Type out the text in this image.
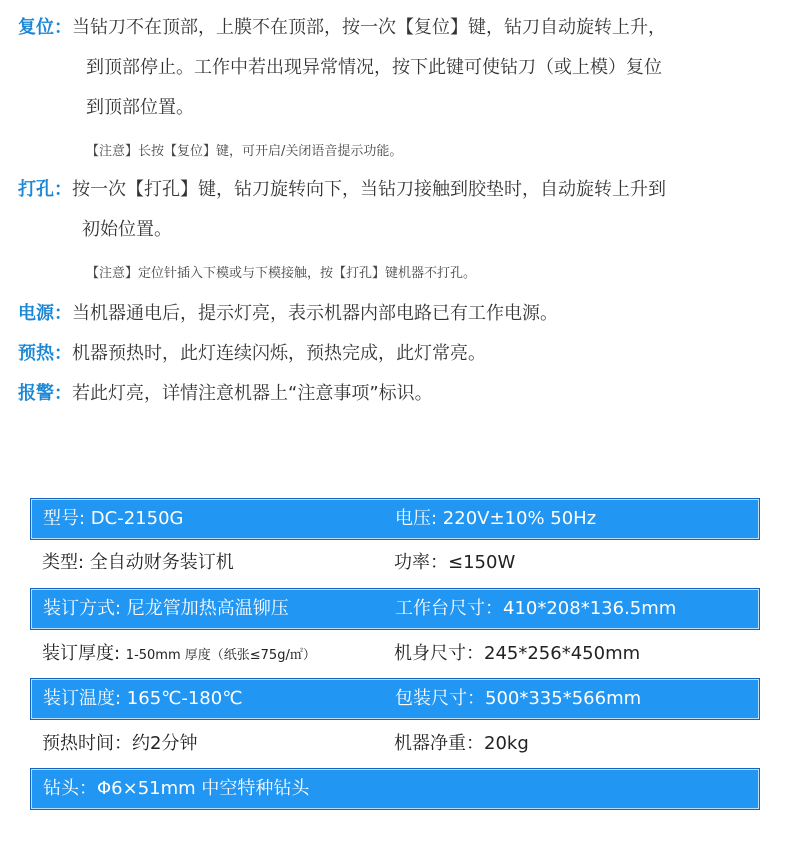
复位：当钻刀不在顶部，上膜不在顶部，按一次【复位】键，钻刀自动旋转上升，
到顶部停止。工作中若出现异常情况，按下此键可使钻刀（或上模）复位
到顶部位置。
【注意】长按【复位】键，可开启/关闭语音提示功能。
打孔：按一次【打孔】键，钻刀旋转向下，当钻刀接触到胶垫时，自动旋转上升到
初始位置。
【注意】定位针插入下模或与下模接触，按【打孔】键机器不打孔。
电源：当机器通电后，提示灯亮，表示机器内部电路已有工作电源。
预热：机器预热时，此灯连续闪烁，预热完成，此灯常亮。
报警：若此灯亮，详情注意机器上“注意事项”标识。
型号: DC-2150G	电压: 220V±10% 50Hz
类型: 全自动财务装订机	功率：≤150W
装订方式: 尼龙管加热高温铆压	工作台尺寸：410*208*136.5mm
装订厚度: 1-50mm 厚度（纸张≤75g/㎡）	机身尺寸：245*256*450mm
装订温度: 165℃-180℃	包装尺寸：500*335*566mm
预热时间：约2分钟	机器净重：20kg
钻头：Φ6×51mm 中空特种钻头
